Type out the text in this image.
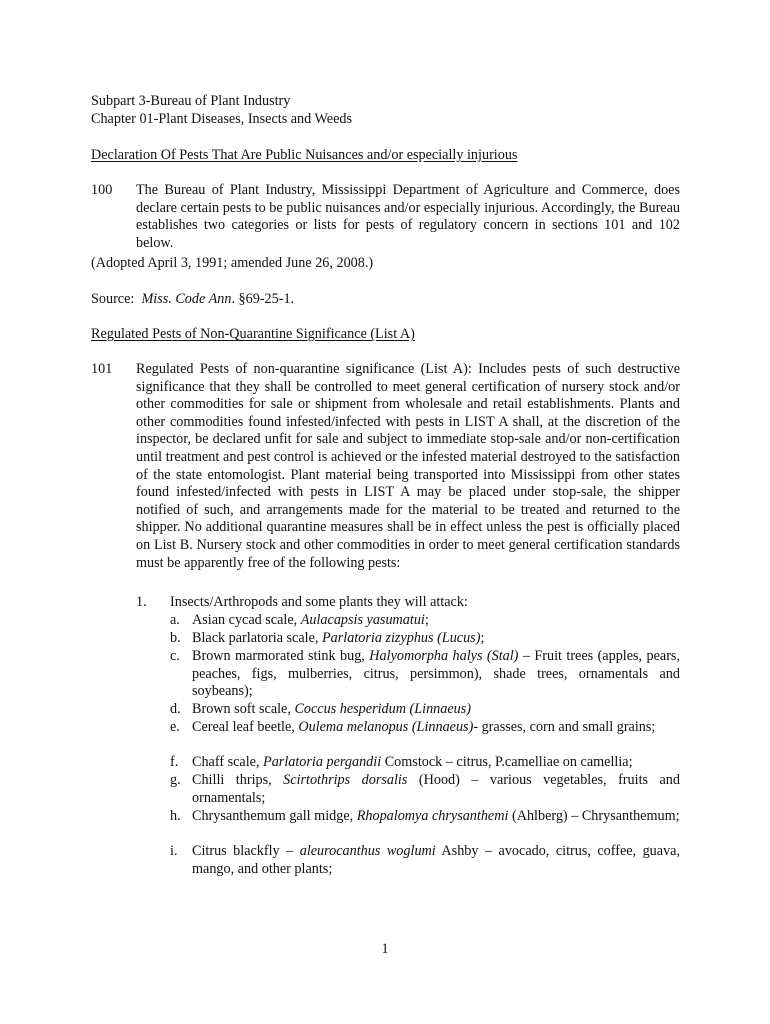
Subpart 3-Bureau of Plant Industry

Chapter 01-Plant Diseases, Insects and Weeds

Declaration Of Pests That Are Public Nuisances and/or especially injurious

100 The Bureau of Plant Industry, Mississippi Department of Agriculture and Commerce, does declare certain pests to be public nuisances and/or especially injurious. Accordingly, the Bureau establishes two categories or lists for pests of regulatory concern in sections 101 and 102 below.

(Adopted April 3, 1991; amended June 26, 2008.)

Source: Miss. Code Ann. §69-25-1.

Regulated Pests of Non-Quarantine Significance (List A)

101 Regulated Pests of non-quarantine significance (List A): Includes pests of such destructive significance that they shall be controlled to meet general certification of nursery stock and/or other commodities for sale or shipment from wholesale and retail establishments. Plants and other commodities found infested/infected with pests in LIST A shall, at the discretion of the inspector, be declared unfit for sale and subject to immediate stop-sale and/or non-certification until treatment and pest control is achieved or the infested material destroyed to the satisfaction of the state entomologist. Plant material being transported into Mississippi from other states found infested/infected with pests in LIST A may be placed under stop-sale, the shipper notified of such, and arrangements made for the material to be treated and returned to the shipper. No additional quarantine measures shall be in effect unless the pest is officially placed on List B. Nursery stock and other commodities in order to meet general certification standards must be apparently free of the following pests:

1. Insects/Arthropods and some plants they will attack:

a. Asian cycad scale, Aulacapsis yasumatui;
b. Black parlatoria scale, Parlatoria zizyphus (Lucus);
c. Brown marmorated stink bug, Halyomorpha halys (Stal) – Fruit trees (apples, pears, peaches, figs, mulberries, citrus, persimmon), shade trees, ornamentals and soybeans);
d. Brown soft scale, Coccus hesperidum (Linnaeus)
e. Cereal leaf beetle, Oulema melanopus (Linnaeus)- grasses, corn and small grains;
f. Chaff scale, Parlatoria pergandii Comstock – citrus, P.camelliae on camellia;
g. Chilli thrips, Scirtothrips dorsalis (Hood) – various vegetables, fruits and ornamentals;
h. Chrysanthemum gall midge, Rhopalomya chrysanthemi (Ahlberg) – Chrysanthemum;
i.	Citrus blackfly – aleurocanthus woglumi Ashby – avocado, citrus, coffee, guava, mango, and other plants;

1
